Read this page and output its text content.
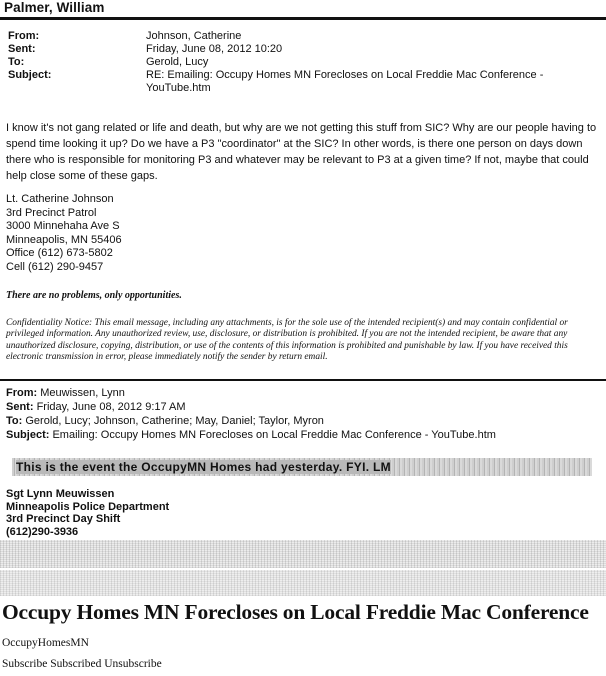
Palmer, William
From:	Johnson, Catherine
Sent:	Friday, June 08, 2012 10:20
To:	Gerold, Lucy
Subject:	RE: Emailing: Occupy Homes MN Forecloses on Local Freddie Mac Conference -
YouTube.htm
I know it's not gang related or life and death, but why are we not getting this stuff from SIC? Why are our people having to spend time looking it up? Do we have a P3 "coordinator" at the SIC? In other words, is there one person on days down there who is responsible for monitoring P3 and whatever may be relevant to P3 at a given time? If not, maybe that could help close some of these gaps.
Lt. Catherine Johnson
3rd Precinct Patrol
3000 Minnehaha Ave S
Minneapolis, MN 55406
Office (612) 673-5802
Cell (612) 290-9457
There are no problems, only opportunities.
Confidentiality Notice: This email message, including any attachments, is for the sole use of the intended recipient(s) and may contain confidential or privileged information. Any unauthorized review, use, disclosure, or distribution is prohibited. If you are not the intended recipient, be aware that any unauthorized disclosure, copying, distribution, or use of the contents of this information is prohibited and punishable by law. If you have received this electronic transmission in error, please immediately notify the sender by return email.
From: Meuwissen, Lynn
Sent: Friday, June 08, 2012 9:17 AM
To: Gerold, Lucy; Johnson, Catherine; May, Daniel; Taylor, Myron
Subject: Emailing: Occupy Homes MN Forecloses on Local Freddie Mac Conference - YouTube.htm
This is the event the OccupyMN Homes had yesterday. FYI. LM
Sgt Lynn Meuwissen
Minneapolis Police Department
3rd Precinct Day Shift
(612)290-3936
Occupy Homes MN Forecloses on Local Freddie Mac Conference
OccupyHomesMN
Subscribe Subscribed Unsubscribe
